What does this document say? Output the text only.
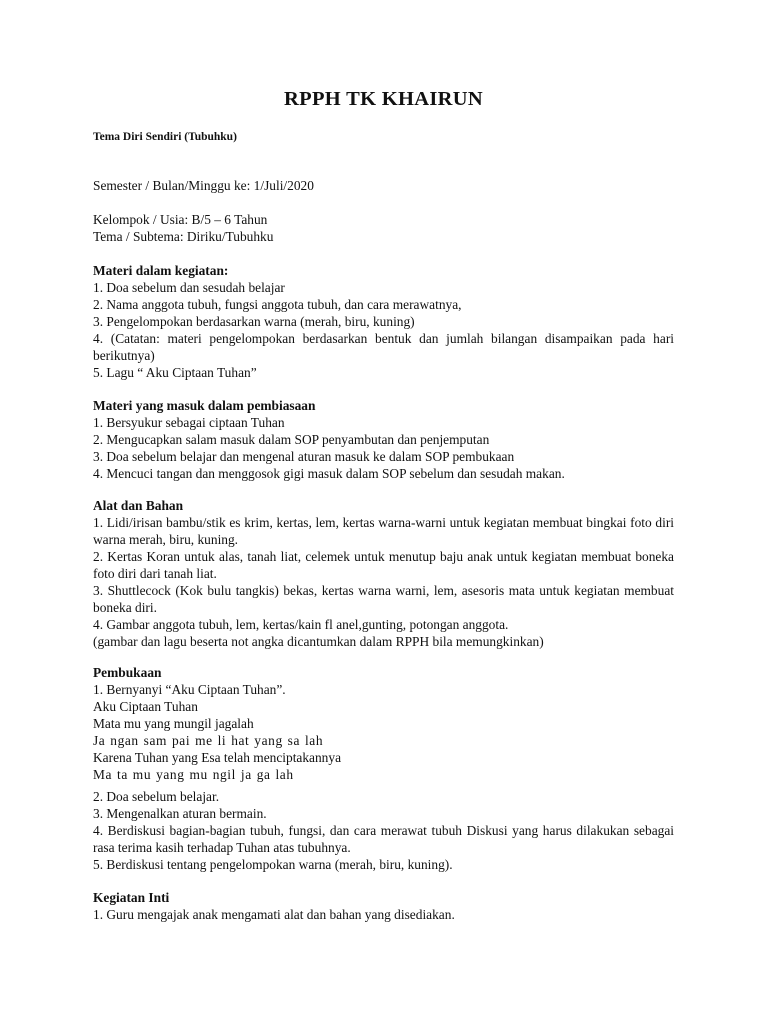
RPPH TK KHAIRUN

Tema Diri Sendiri (Tubuhku)

Semester / Bulan/Minggu ke: 1/Juli/2020

Kelompok / Usia: B/5 – 6 Tahun

Tema / Subtema: Diriku/Tubuhku

Materi dalam kegiatan:

1. Doa sebelum dan sesudah belajar

2. Nama anggota tubuh, fungsi anggota tubuh, dan cara merawatnya,

3. Pengelompokan berdasarkan warna (merah, biru, kuning)

4. (Catatan: materi pengelompokan berdasarkan bentuk dan jumlah bilangan disampaikan pada hari berikutnya)

5. Lagu “ Aku Ciptaan Tuhan”

Materi yang masuk dalam pembiasaan

1. Bersyukur sebagai ciptaan Tuhan

2. Mengucapkan salam masuk dalam SOP penyambutan dan penjemputan

3. Doa sebelum belajar dan mengenal aturan masuk ke dalam SOP pembukaan

4. Mencuci tangan dan menggosok gigi masuk dalam SOP sebelum dan sesudah makan.

Alat dan Bahan

1. Lidi/irisan bambu/stik es krim, kertas, lem, kertas warna-warni untuk kegiatan membuat bingkai foto diri warna merah, biru, kuning.

2. Kertas Koran untuk alas, tanah liat, celemek untuk menutup baju anak untuk kegiatan membuat boneka foto diri dari tanah liat.

3. Shuttlecock (Kok bulu tangkis) bekas, kertas warna warni, lem, asesoris mata untuk kegiatan membuat boneka diri.

4. Gambar anggota tubuh, lem, kertas/kain fl anel,gunting, potongan anggota.

(gambar dan lagu beserta not angka dicantumkan dalam RPPH bila memungkinkan)

Pembukaan

1. Bernyanyi “Aku Ciptaan Tuhan”.

Aku Ciptaan Tuhan

Mata mu yang mungil jagalah

Ja ngan sam pai me li hat yang sa lah

Karena Tuhan yang Esa telah menciptakannya

Ma ta mu yang mu ngil ja ga lah

2. Doa sebelum belajar.

3. Mengenalkan aturan bermain.

4. Berdiskusi bagian-bagian tubuh, fungsi, dan cara merawat tubuh Diskusi yang harus dilakukan sebagai rasa terima kasih terhadap Tuhan atas tubuhnya.

5. Berdiskusi tentang pengelompokan warna (merah, biru, kuning).

Kegiatan Inti

1. Guru mengajak anak mengamati alat dan bahan yang disediakan.
